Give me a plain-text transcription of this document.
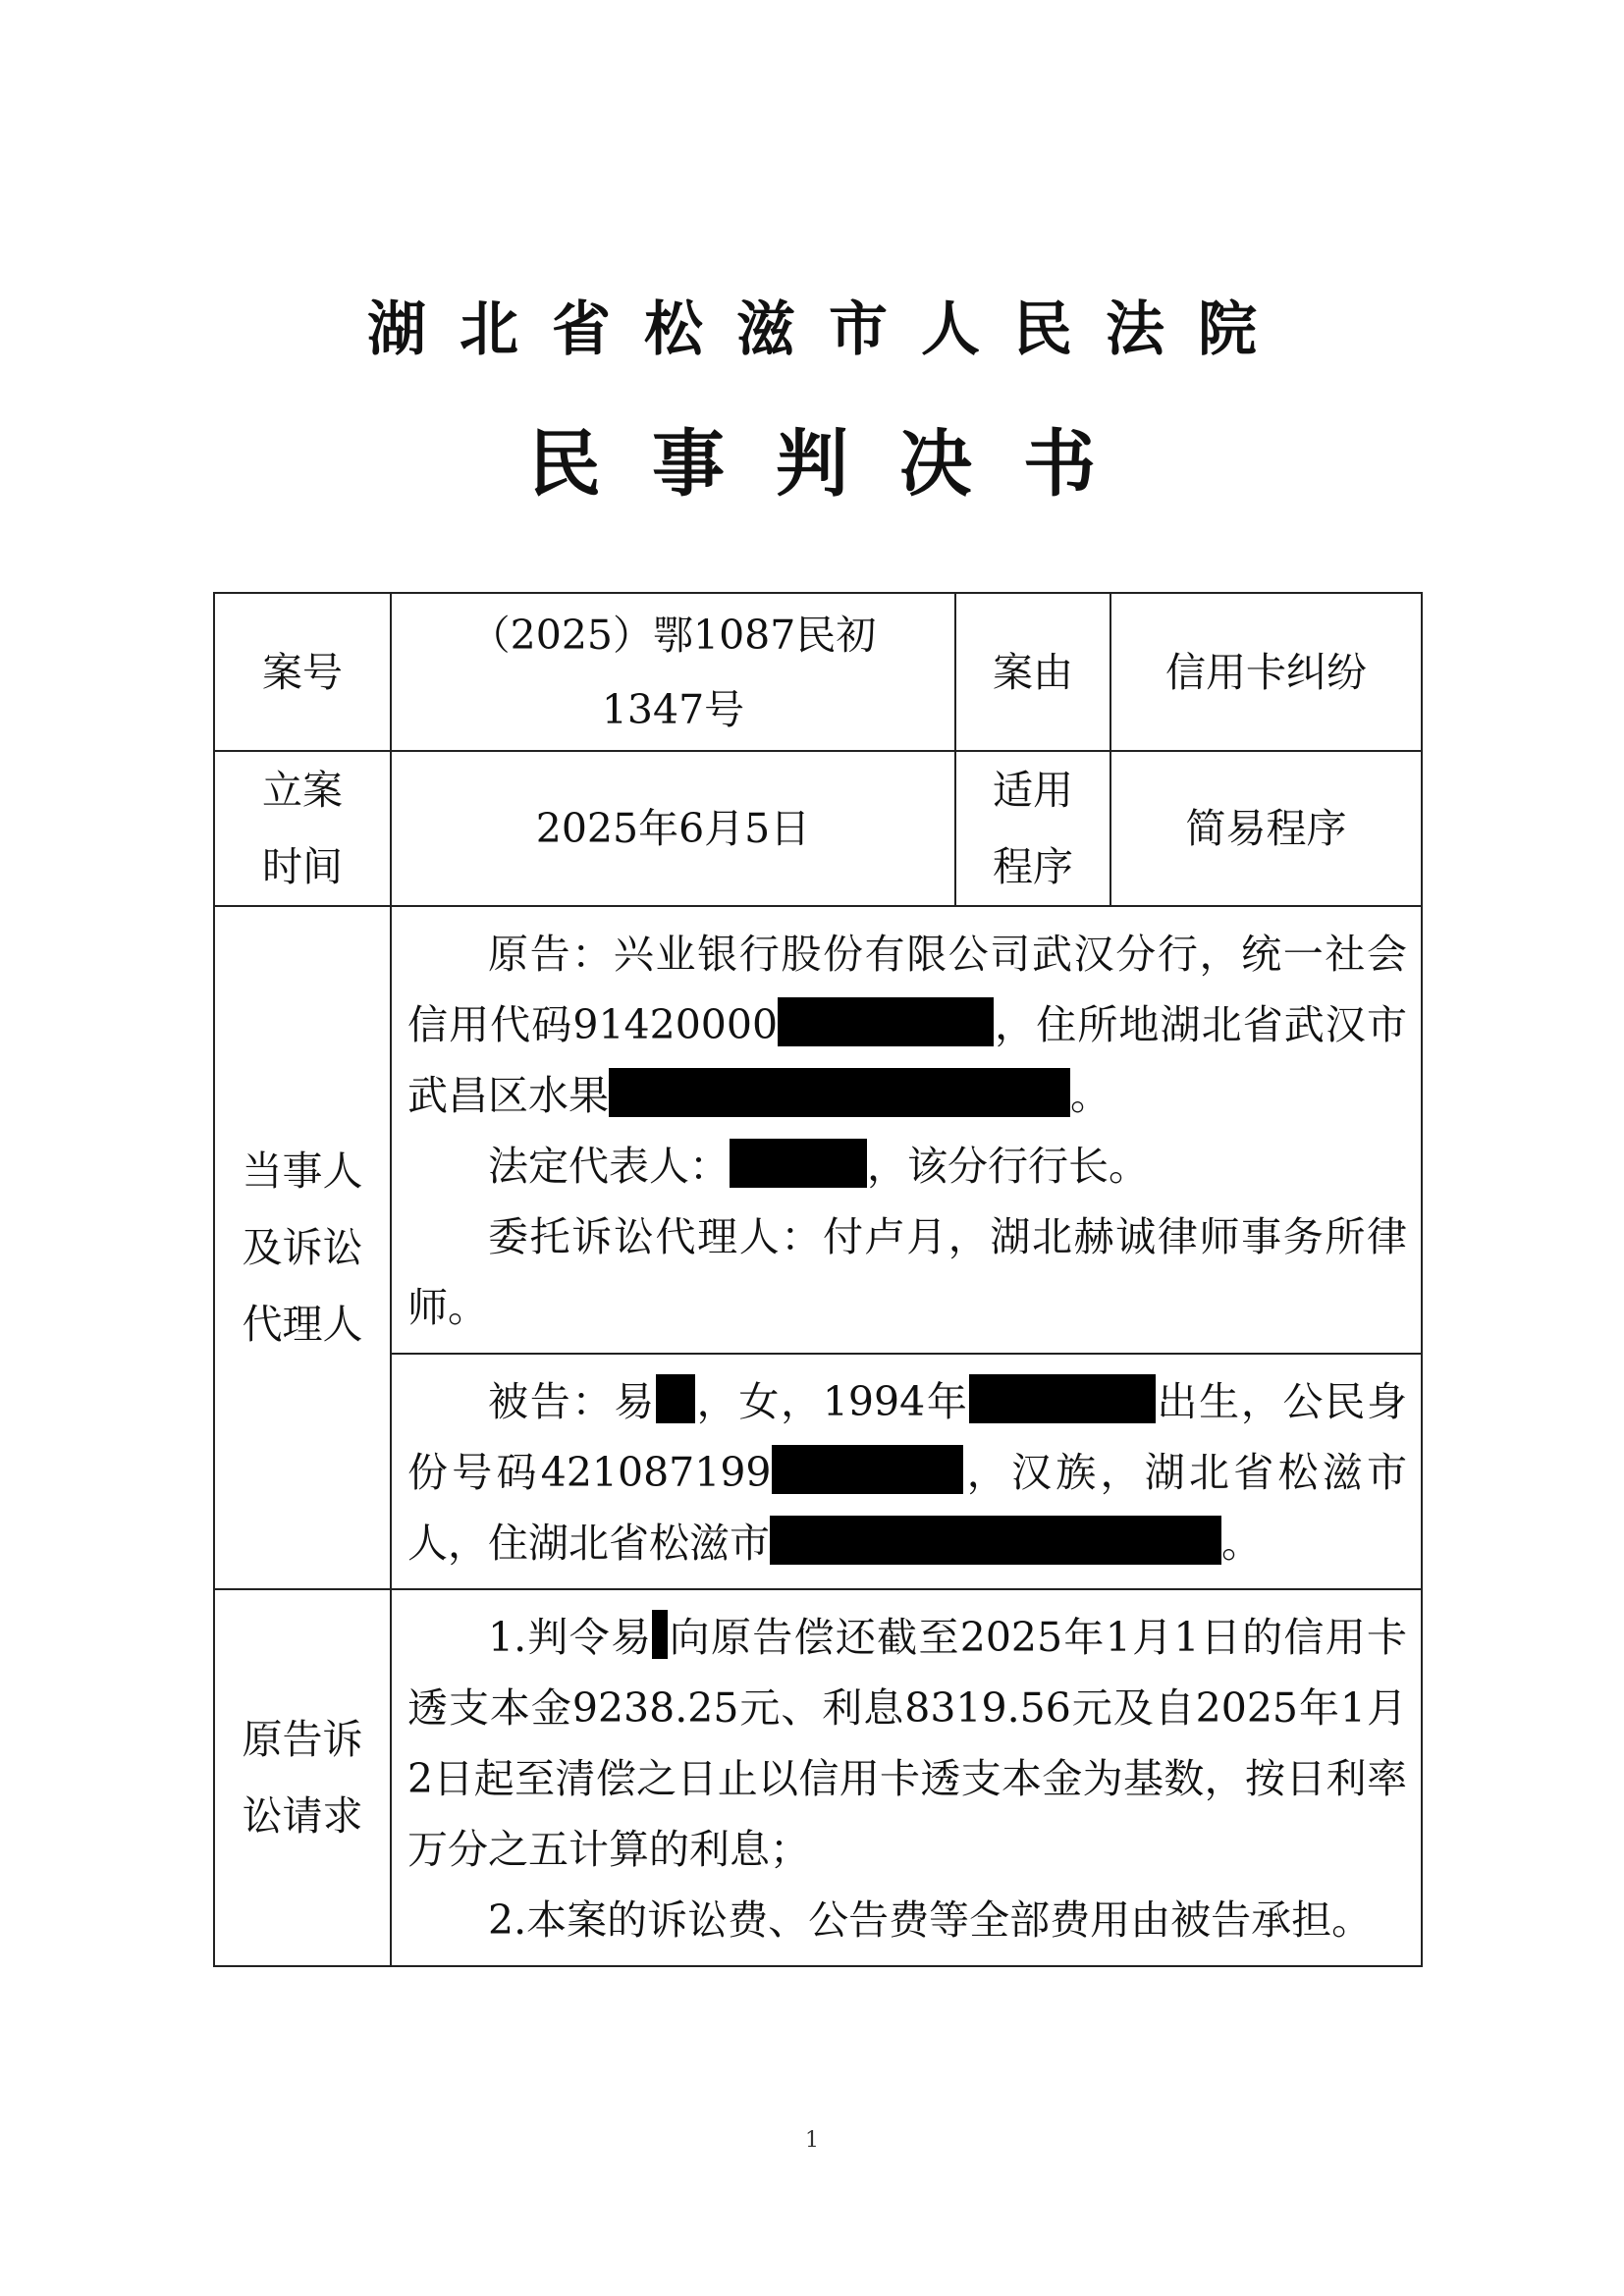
湖北省松滋市人民法院
民事判决书
案号	（2025）鄂1087民初1347号	案由	信用卡纠纷
立案时间	2025年6月5日	适用程序	简易程序
当事人及诉讼代理人	原告：兴业银行股份有限公司武汉分行，统一社会信用代码91420000 ，住所地湖北省武汉市武昌区水果 。

法定代表人： ，该分行行长。

委托诉讼代理人：付卢月，湖北赫诚律师事务所律师。		

	被告：易 ，女，1994年 出生，公民身份号码421087199 ，汉族，湖北省松滋市人，住湖北省松滋市 。		

原告诉讼请求	1.判令易 向原告偿还截至2025年1月1日的信用卡透支本金9238.25元、利息8319.56元及自2025年1月2日起至清偿之日止以信用卡透支本金为基数，按日利率万分之五计算的利息；

2.本案的诉讼费、公告费等全部费用由被告承担。		

1
